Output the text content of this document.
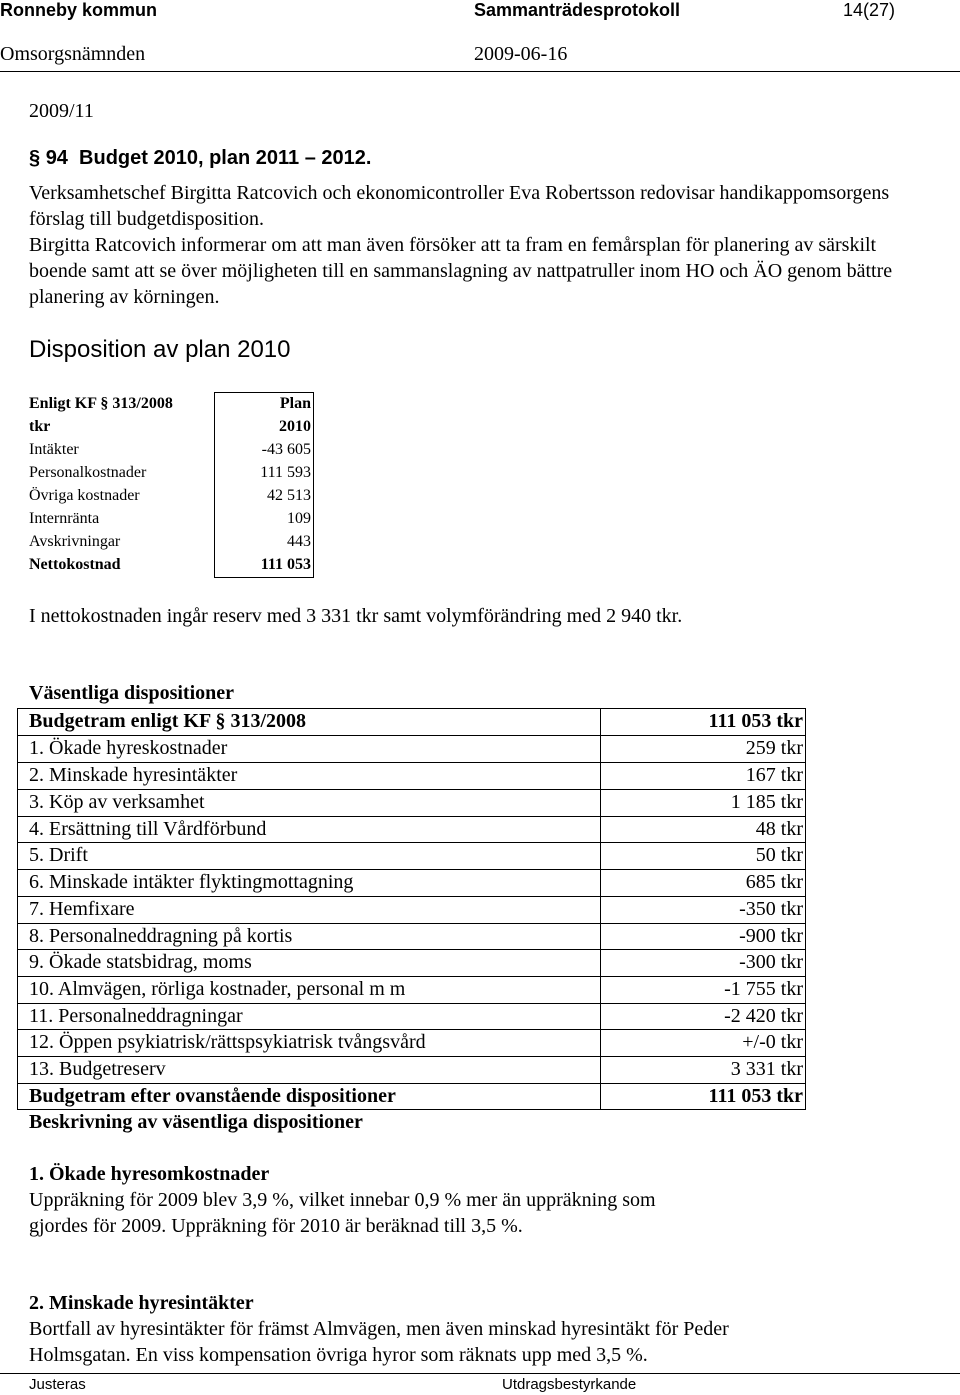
Ronneby kommun	Sammanträdesprotokoll	14(27)
Omsorgsnämnden	2009-06-16
2009/11
§ 94  Budget 2010, plan 2011 – 2012.

Verksamhetschef Birgitta Ratcovich och ekonomicontroller Eva Robertsson redovisar handikappomsorgens förslag till budgetdisposition.

Birgitta Ratcovich informerar om att man även försöker att ta fram en femårsplan för planering av särskilt boende samt att se över möjligheten till en sammanslagning av nattpatruller inom HO och ÄO genom bättre planering av körningen.

Disposition av plan 2010
Enligt KF § 313/2008	Plan
tkr	2010
Intäkter	-43 605
Personalkostnader	111 593
Övriga kostnader	42 513
Internränta	109
Avskrivningar	443
Nettokostnad	111 053
I nettokostnaden ingår reserv med 3 331 tkr samt volymförändring med 2 940 tkr.
Väsentliga dispositioner
Budgetram enligt KF § 313/2008	111 053 tkr
1. Ökade hyreskostnader	259 tkr
2. Minskade hyresintäkter	167 tkr
3. Köp av verksamhet	1 185 tkr
4. Ersättning till Vårdförbund	48 tkr
5. Drift	50 tkr
6. Minskade intäkter flyktingmottagning	685 tkr
7. Hemfixare	-350 tkr
8. Personalneddragning på kortis	-900 tkr
9. Ökade statsbidrag, moms	-300 tkr
10. Almvägen, rörliga kostnader, personal m m	-1 755 tkr
11. Personalneddragningar	-2 420 tkr
12. Öppen psykiatrisk/rättspsykiatrisk tvångsvård	+/-0 tkr
13. Budgetreserv	3 331 tkr
Budgetram efter ovanstående dispositioner	111 053 tkr
Beskrivning av väsentliga dispositioner
1. Ökade hyresomkostnader
Uppräkning för 2009 blev 3,9 %, vilket innebar 0,9 % mer än uppräkning som
gjordes för 2009. Uppräkning för 2010 är beräknad till 3,5 %.
2. Minskade hyresintäkter
Bortfall av hyresintäkter för främst Almvägen, men även minskad hyresintäkt för Peder
Holmsgatan. En viss kompensation övriga hyror som räknats upp med 3,5 %.
Justeras	Utdragsbestyrkande
